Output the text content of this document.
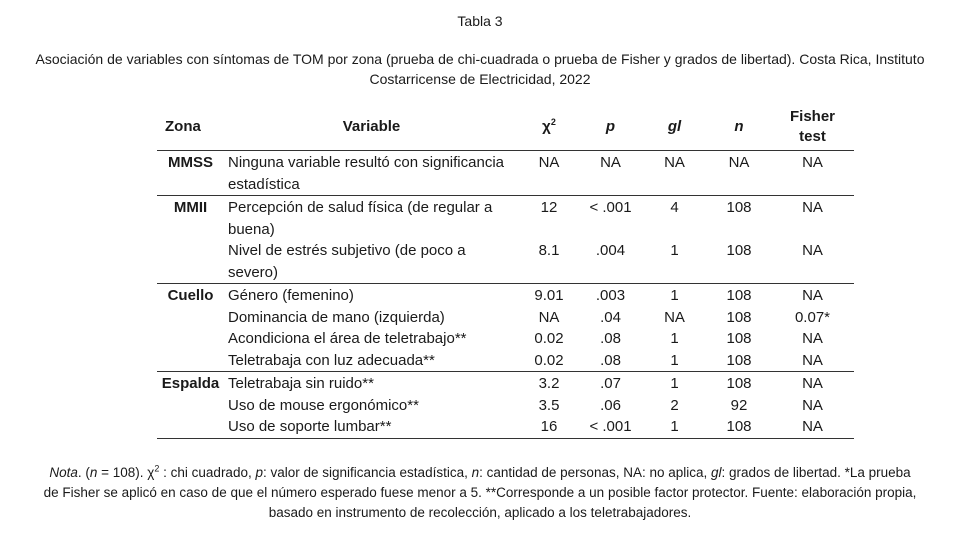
Tabla 3
Asociación de variables con síntomas de TOM por zona (prueba de chi-cuadrada o prueba de Fisher y grados de libertad). Costa Rica, Instituto Costarricense de Electricidad, 2022
Zona	Variable	$\chi^2$	p	gl	n	Fisher test
MMSS	Ninguna variable resultó con significancia estadística	NA	NA	NA	NA	NA
MMII	Percepción de salud física (de regular a buena)	12	< .001	4	108	NA
	Nivel de estrés subjetivo (de poco a severo)	8.1	.004	1	108	NA
Cuello	Género (femenino)	9.01	.003	1	108	NA
	Dominancia de mano (izquierda)	NA	.04	NA	108	0.07*
	Acondiciona el área de teletrabajo**	0.02	.08	1	108	NA
	Teletrabaja con luz adecuada**	0.02	.08	1	108	NA
Espalda	Teletrabaja sin ruido**	3.2	.07	1	108	NA
	Uso de mouse ergonómico**	3.5	.06	2	92	NA
	Uso de soporte lumbar**	16	< .001	1	108	NA
Nota. (n = 108). $\chi^2$ : chi cuadrado, p: valor de significancia estadística, n: cantidad de personas, NA: no aplica, gl: grados de libertad. *La prueba de Fisher se aplicó en caso de que el número esperado fuese menor a 5. **Corresponde a un posible factor protector. Fuente: elaboración propia, basado en instrumento de recolección, aplicado a los teletrabajadores.
